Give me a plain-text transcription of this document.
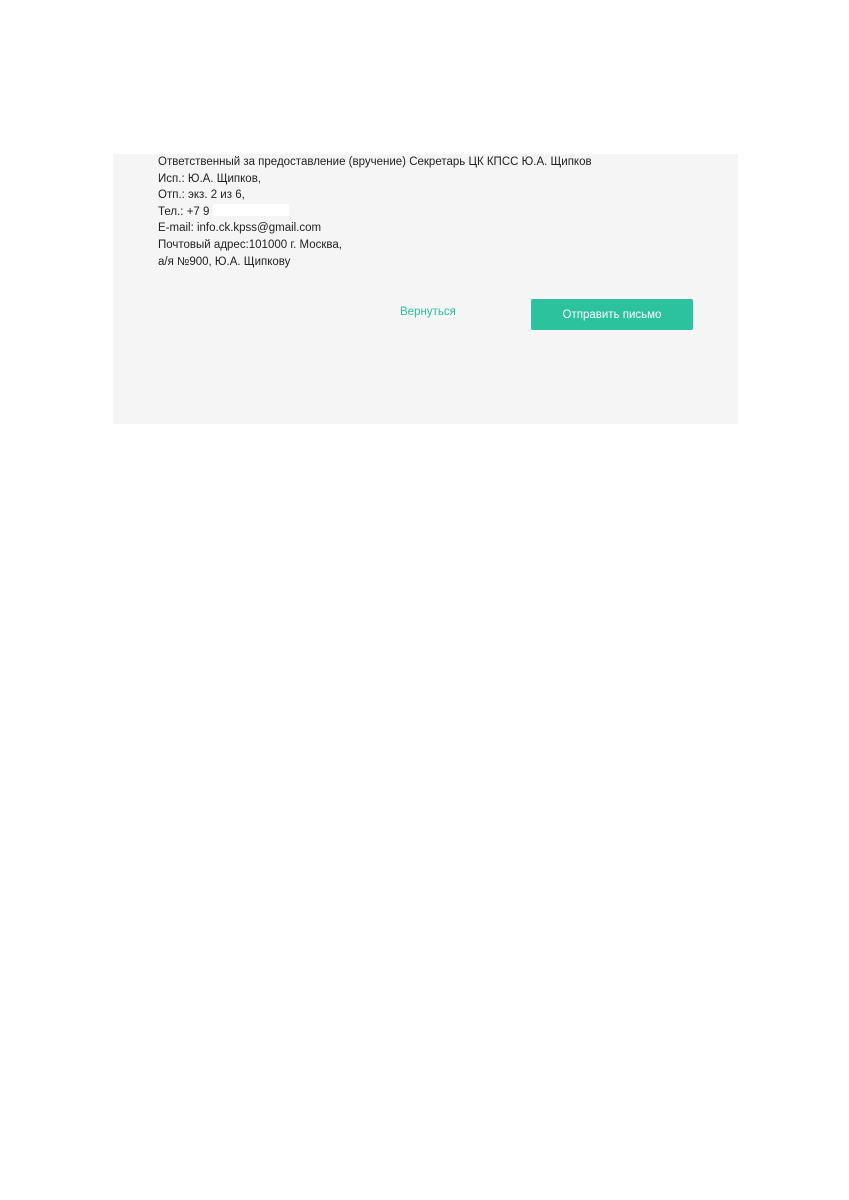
Ответственный за предоставление (вручение) Секретарь ЦК КПСС Ю.А. Щипков
Исп.: Ю.А. Щипков,
Отп.: экз. 2 из 6,
Тел.: +7 9
E-mail: info.ck.kpss@gmail.com
Почтовый адрес:101000 г. Москва,
а/я №900, Ю.А. Щипкову
Вернуться	Отправить письмо
